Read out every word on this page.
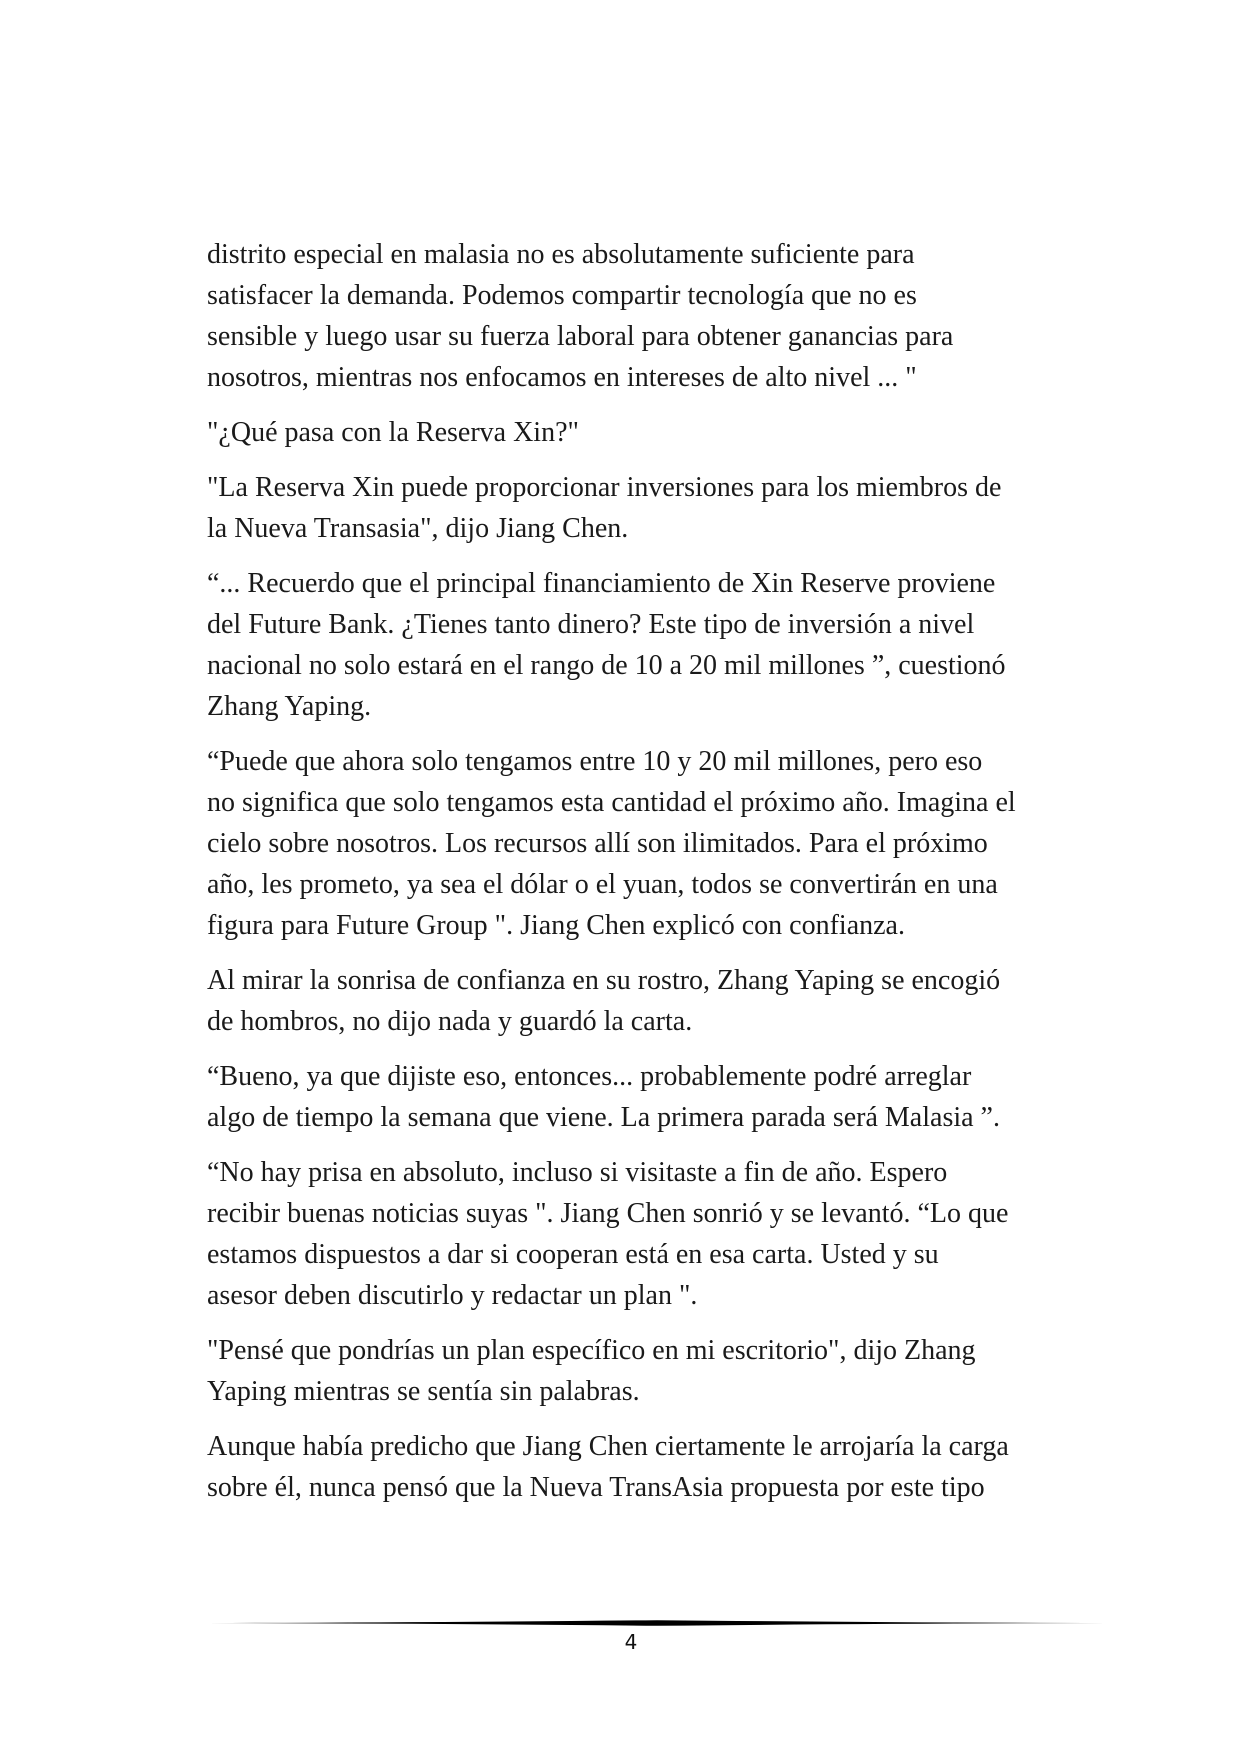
distrito especial en malasia no es absolutamente suficiente para
satisfacer la demanda. Podemos compartir tecnología que no es
sensible y luego usar su fuerza laboral para obtener ganancias para
nosotros, mientras nos enfocamos en intereses de alto nivel ... "

"¿Qué pasa con la Reserva Xin?"

"La Reserva Xin puede proporcionar inversiones para los miembros de
la Nueva Transasia", dijo Jiang Chen.

“... Recuerdo que el principal financiamiento de Xin Reserve proviene
del Future Bank. ¿Tienes tanto dinero? Este tipo de inversión a nivel
nacional no solo estará en el rango de 10 a 20 mil millones ”, cuestionó
Zhang Yaping.

“Puede que ahora solo tengamos entre 10 y 20 mil millones, pero eso
no significa que solo tengamos esta cantidad el próximo año. Imagina el
cielo sobre nosotros. Los recursos allí son ilimitados. Para el próximo
año, les prometo, ya sea el dólar o el yuan, todos se convertirán en una
figura para Future Group ". Jiang Chen explicó con confianza.

Al mirar la sonrisa de confianza en su rostro, Zhang Yaping se encogió
de hombros, no dijo nada y guardó la carta.

“Bueno, ya que dijiste eso, entonces... probablemente podré arreglar
algo de tiempo la semana que viene. La primera parada será Malasia ”.

“No hay prisa en absoluto, incluso si visitaste a fin de año. Espero
recibir buenas noticias suyas ". Jiang Chen sonrió y se levantó. “Lo que
estamos dispuestos a dar si cooperan está en esa carta. Usted y su
asesor deben discutirlo y redactar un plan ".

"Pensé que pondrías un plan específico en mi escritorio", dijo Zhang
Yaping mientras se sentía sin palabras.

Aunque había predicho que Jiang Chen ciertamente le arrojaría la carga
sobre él, nunca pensó que la Nueva TransAsia propuesta por este tipo

4
